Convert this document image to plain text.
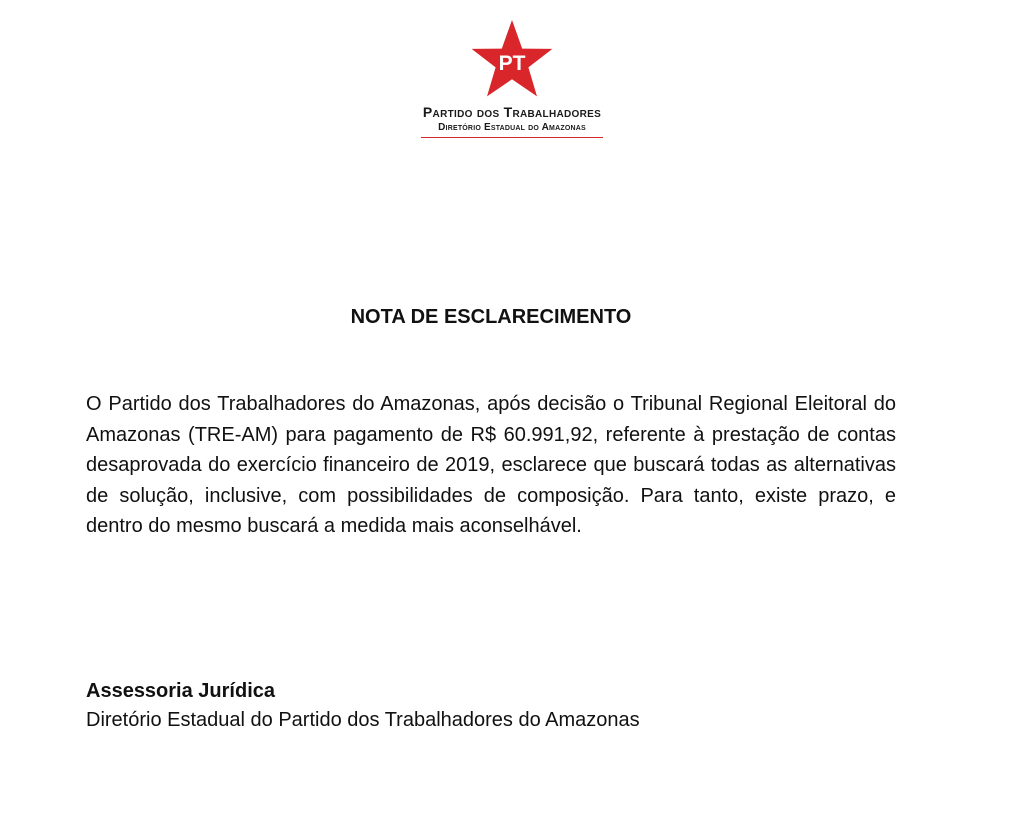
PT
Partido dos Trabalhadores
Diretório Estadual do Amazonas
NOTA DE ESCLARECIMENTO

O Partido dos Trabalhadores do Amazonas, após decisão o Tribunal Regional Eleitoral do Amazonas (TRE-AM) para pagamento de R$ 60.991,92, referente à prestação de contas desaprovada do exercício financeiro de 2019, esclarece que buscará todas as alternativas de solução, inclusive, com possibilidades de composição. Para tanto, existe prazo, e dentro do mesmo buscará a medida mais aconselhável.

Assessoria Jurídica
Diretório Estadual do Partido dos Trabalhadores do Amazonas
